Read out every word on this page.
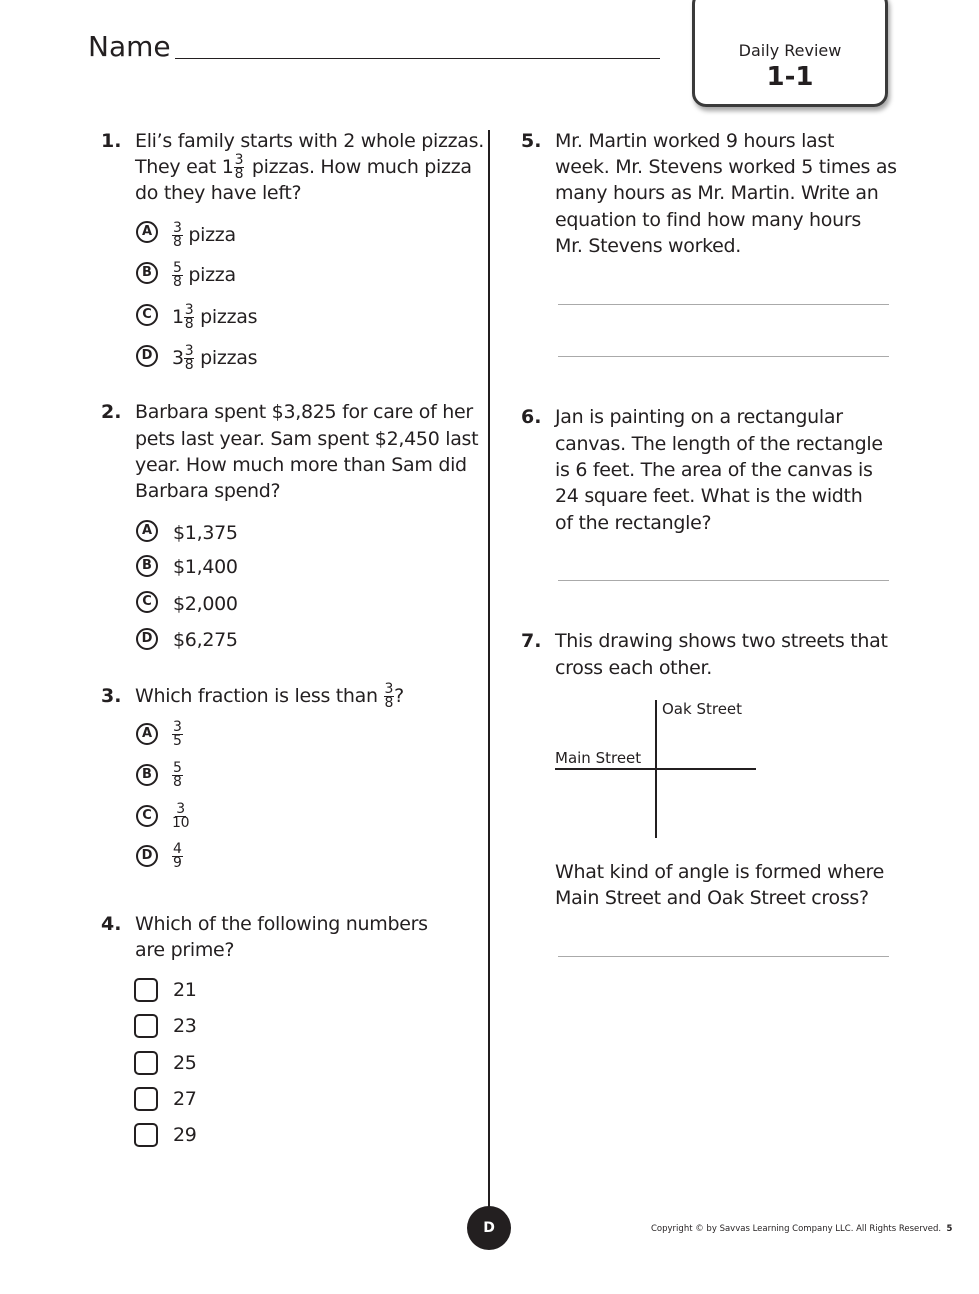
Name	Daily Review
1-1
1. Eli’s family starts with 2 whole pizzas.
They eat $1 \frac{3}{8}$ pizzas. How much pizza
do they have left?
A	$\frac{3}{8}$ pizza
B	$\frac{5}{8}$ pizza
C	$1 \frac{3}{8}$ pizzas
D $3 \frac{3}{8}$ pizzas
2. Barbara spent $3,825 for care of her
pets last year. Sam spent $2,450 last
year. How much more than Sam did
Barbara spend?
A	$1,375
B	$1,400
C	$2,000
D $6,275
3. Which fraction is less than $\frac{3}{8}$ ?
A	$\frac{3}{5}$
B	$\frac{5}{8}$
C	$\frac{3}{10}$
D	$\frac{4}{9}$
4. Which of the following numbers
are prime?
21
23
25
27
29
5. Mr. Martin worked 9 hours last
week. Mr. Stevens worked 5 times as
many hours as Mr. Martin. Write an
equation to find how many hours
Mr. Stevens worked.
6. Jan is painting on a rectangular
canvas. The length of the rectangle
is 6 feet. The area of the canvas is
24 square feet. What is the width
of the rectangle?
7. This drawing shows two streets that
cross each other.
Oak Street
Main Street
What kind of angle is formed where
Main Street and Oak Street cross?
D 1•1
Copyright © by Savvas Learning Company LLC. All Rights Reserved. 5
